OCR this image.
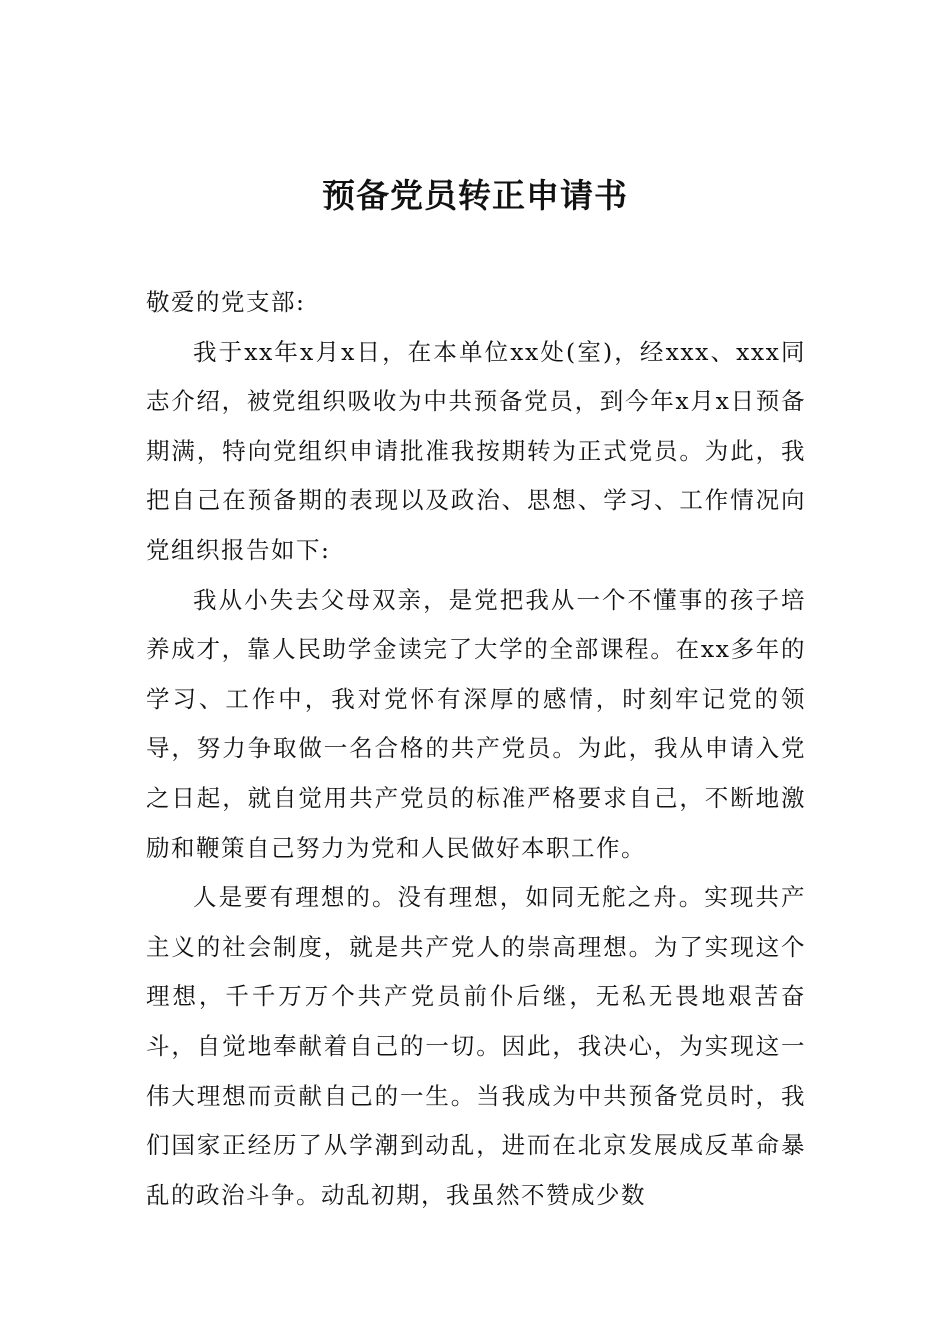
预备党员转正申请书

敬爱的党支部:

我于xx年x月x日，在本单位xx处(室)，经xxx、xxx同志介绍，被党组织吸收为中共预备党员，到今年x月x日预备期满，特向党组织申请批准我按期转为正式党员。为此，我把自己在预备期的表现以及政治、思想、学习、工作情况向党组织报告如下:

我从小失去父母双亲，是党把我从一个不懂事的孩子培养成才，靠人民助学金读完了大学的全部课程。在xx多年的学习、工作中，我对党怀有深厚的感情，时刻牢记党的领导，努力争取做一名合格的共产党员。为此，我从申请入党之日起，就自觉用共产党员的标准严格要求自己，不断地激励和鞭策自己努力为党和人民做好本职工作。

人是要有理想的。没有理想，如同无舵之舟。实现共产主义的社会制度，就是共产党人的崇高理想。为了实现这个理想，千千万万个共产党员前仆后继，无私无畏地艰苦奋斗，自觉地奉献着自己的一切。因此，我决心，为实现这一伟大理想而贡献自己的一生。当我成为中共预备党员时，我们国家正经历了从学潮到动乱，进而在北京发展成反革命暴乱的政治斗争。动乱初期，我虽然不赞成少数
